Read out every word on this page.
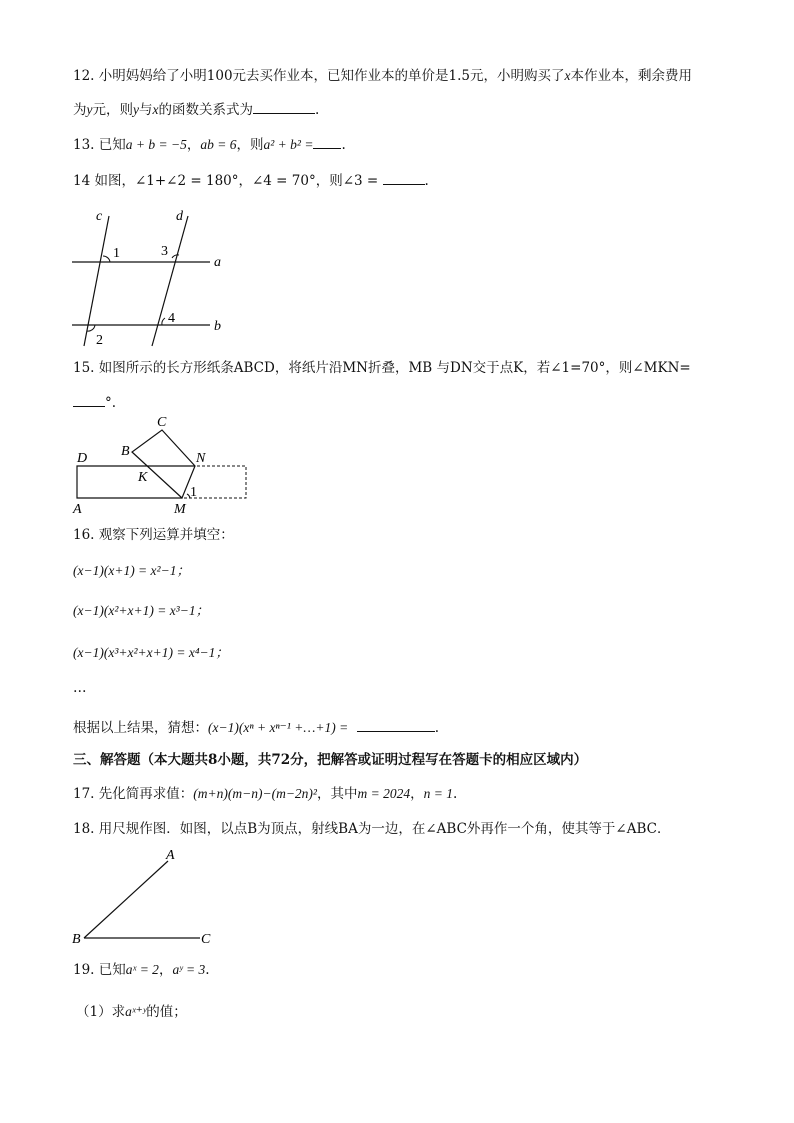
12. 小明妈妈给了小明100元去买作业本，已知作业本的单价是1.5元，小明购买了x本作业本，剩余费用
为y元，则y与x的函数关系式为	.
13. 已知a + b = −5，ab = 6，则a² + b² = .
14 如图，∠1+∠2 = 180°，∠4 = 70°，则∠3 =	.
c	d
a
b
1	3
4
2
15. 如图所示的长方形纸条ABCD，将纸片沿MN折叠，MB 与DN交于点K，若∠1=70°，则∠MKN=
°.
D
A
B
C
N
K
M
1
16. 观察下列运算并填空：
(x−1)(x+1) = x²−1；
(x−1)(x²+x+1) = x³−1；
(x−1)(x³+x²+x+1) = x⁴−1；
…
根据以上结果，猜想：(x−1)(xⁿ + xⁿ⁻¹ +…+1) =	.
三、解答题（本大题共8小题，共72分，把解答或证明过程写在答题卡的相应区域内）
17. 先化简再求值：(m+n)(m−n)−(m−2n)²，其中m = 2024，n = 1.
18. 用尺规作图．如图，以点B为顶点，射线BA为一边，在∠ABC外再作一个角，使其等于∠ABC．
A
B	C
19. 已知aˣ = 2，aʸ = 3.
（1）求aˣ⁺ʸ的值；
